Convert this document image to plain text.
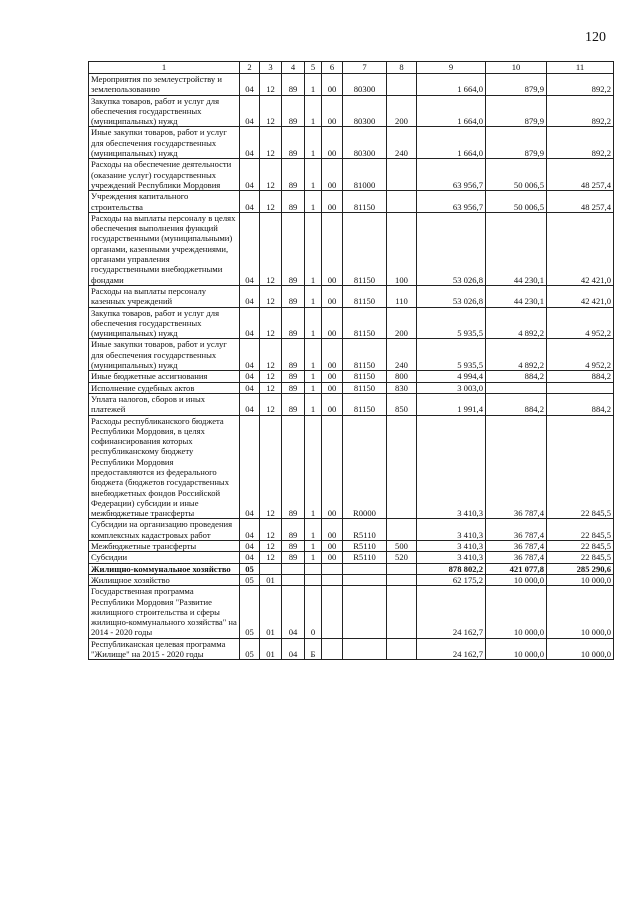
120
1	2	3	4	5	6	7	8	9	10	11
Мероприятия по землеустройству и землепользованию	04	12	89	1	00	80300		1 664,0	879,9	892,2
Закупка товаров, работ и услуг для обеспечения государственных (муниципальных) нужд	04	12	89	1	00	80300	200	1 664,0	879,9	892,2
Иные закупки товаров, работ и услуг для обеспечения государственных (муниципальных) нужд	04	12	89	1	00	80300	240	1 664,0	879,9	892,2
Расходы на обеспечение деятельности (оказание услуг) государственных учреждений Республики Мордовия	04	12	89	1	00	81000		63 956,7	50 006,5	48 257,4
Учреждения капитального строительства	04	12	89	1	00	81150		63 956,7	50 006,5	48 257,4
Расходы на выплаты персоналу в целях обеспечения выполнения функций государственными (муниципальными) органами, казенными учреждениями, органами управления государственными внебюджетными фондами	04	12	89	1	00	81150	100	53 026,8	44 230,1	42 421,0
Расходы на выплаты персоналу казенных учреждений	04	12	89	1	00	81150	110	53 026,8	44 230,1	42 421,0
Закупка товаров, работ и услуг для обеспечения государственных (муниципальных) нужд	04	12	89	1	00	81150	200	5 935,5	4 892,2	4 952,2
Иные закупки товаров, работ и услуг для обеспечения государственных (муниципальных) нужд	04	12	89	1	00	81150	240	5 935,5	4 892,2	4 952,2
Иные бюджетные ассигнования	04	12	89	1	00	81150	800	4 994,4	884,2	884,2
Исполнение судебных актов	04	12	89	1	00	81150	830	3 003,0		
Уплата налогов, сборов и иных платежей	04	12	89	1	00	81150	850	1 991,4	884,2	884,2
Расходы республиканского бюджета Республики Мордовия, в целях софинансирования которых республиканскому бюджету Республики Мордовия предоставляются из федерального бюджета (бюджетов государственных внебюджетных фондов Российской Федерации) субсидии и иные межбюджетные трансферты	04	12	89	1	00	R0000		3 410,3	36 787,4	22 845,5
Субсидии на организацию проведения комплексных кадастровых работ	04	12	89	1	00	R5110		3 410,3	36 787,4	22 845,5
Межбюджетные трансферты	04	12	89	1	00	R5110	500	3 410,3	36 787,4	22 845,5
Субсидии	04	12	89	1	00	R5110	520	3 410,3	36 787,4	22 845,5
Жилищно-коммунальное хозяйство	05							878 802,2	421 077,8	285 290,6
Жилищное хозяйство	05	01						62 175,2	10 000,0	10 000,0
Государственная программа Республики Мордовия "Развитие жилищного строительства и сферы жилищно-коммунального хозяйства" на 2014 - 2020 годы	05	01	04	0				24 162,7	10 000,0	10 000,0
Республиканская целевая программа "Жилище" на 2015 - 2020 годы	05	01	04	Б				24 162,7	10 000,0	10 000,0
